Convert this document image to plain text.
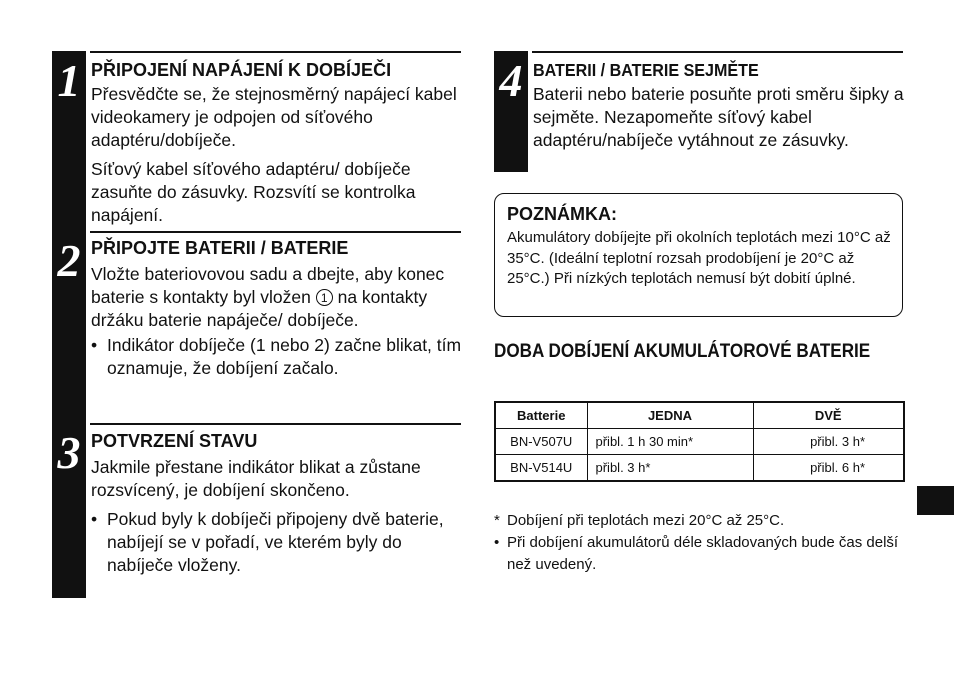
1
2
3
PŘIPOJENÍ NAPÁJENÍ K DOBÍJEČI

Přesvědčte se, že stejnosměrný napájecí kabel videokamery je odpojen od síťového adaptéru/dobíječe.

Síťový kabel síťového adaptéru/ dobíječe zasuňte do zásuvky. Rozsvítí se kontrolka napájení.

PŘIPOJTE BATERII / BATERIE

Vložte bateriovovou sadu a dbejte, aby konec baterie s kontakty byl vložen 1 na kontakty držáku baterie napáječe/ dobíječe.

• Indikátor dobíječe (1 nebo 2) začne blikat, tím oznamuje, že dobíjení začalo.
POTVRZENÍ STAVU

Jakmile přestane indikátor blikat a zůstane rozsvícený, je dobíjení skončeno.

• Pokud byly k dobíječi připojeny dvě baterie, nabíjejí se v pořadí, ve kterém byly do nabíječe vloženy.
4 BATERII / BATERIE SEJMĚTE

Baterii nebo baterie posuňte proti směru šipky a sejměte. Nezapomeňte síťový kabel adaptéru/nabíječe vytáhnout ze zásuvky.

POZNÁMKA:
Akumulátory dobíjejte při okolních teplotách mezi 10°C až 35°C. (Ideální teplotní rozsah prodobíjení je 20°C až 25°C.) Při nízkých teplotách nemusí být dobití úplné.
DOBA DOBÍJENÍ AKUMULÁTOROVÉ BATERIE
Batterie	JEDNA	DVĚ
BN-V507U	přibl. 1 h 30 min*	přibl. 3 h*
BN-V514U	přibl. 3 h*	přibl. 6 h*
* Dobíjení při teplotách mezi 20°C až 25°C.
• Při dobíjení akumulátorů déle skladovaných bude čas delší než uvedený.
